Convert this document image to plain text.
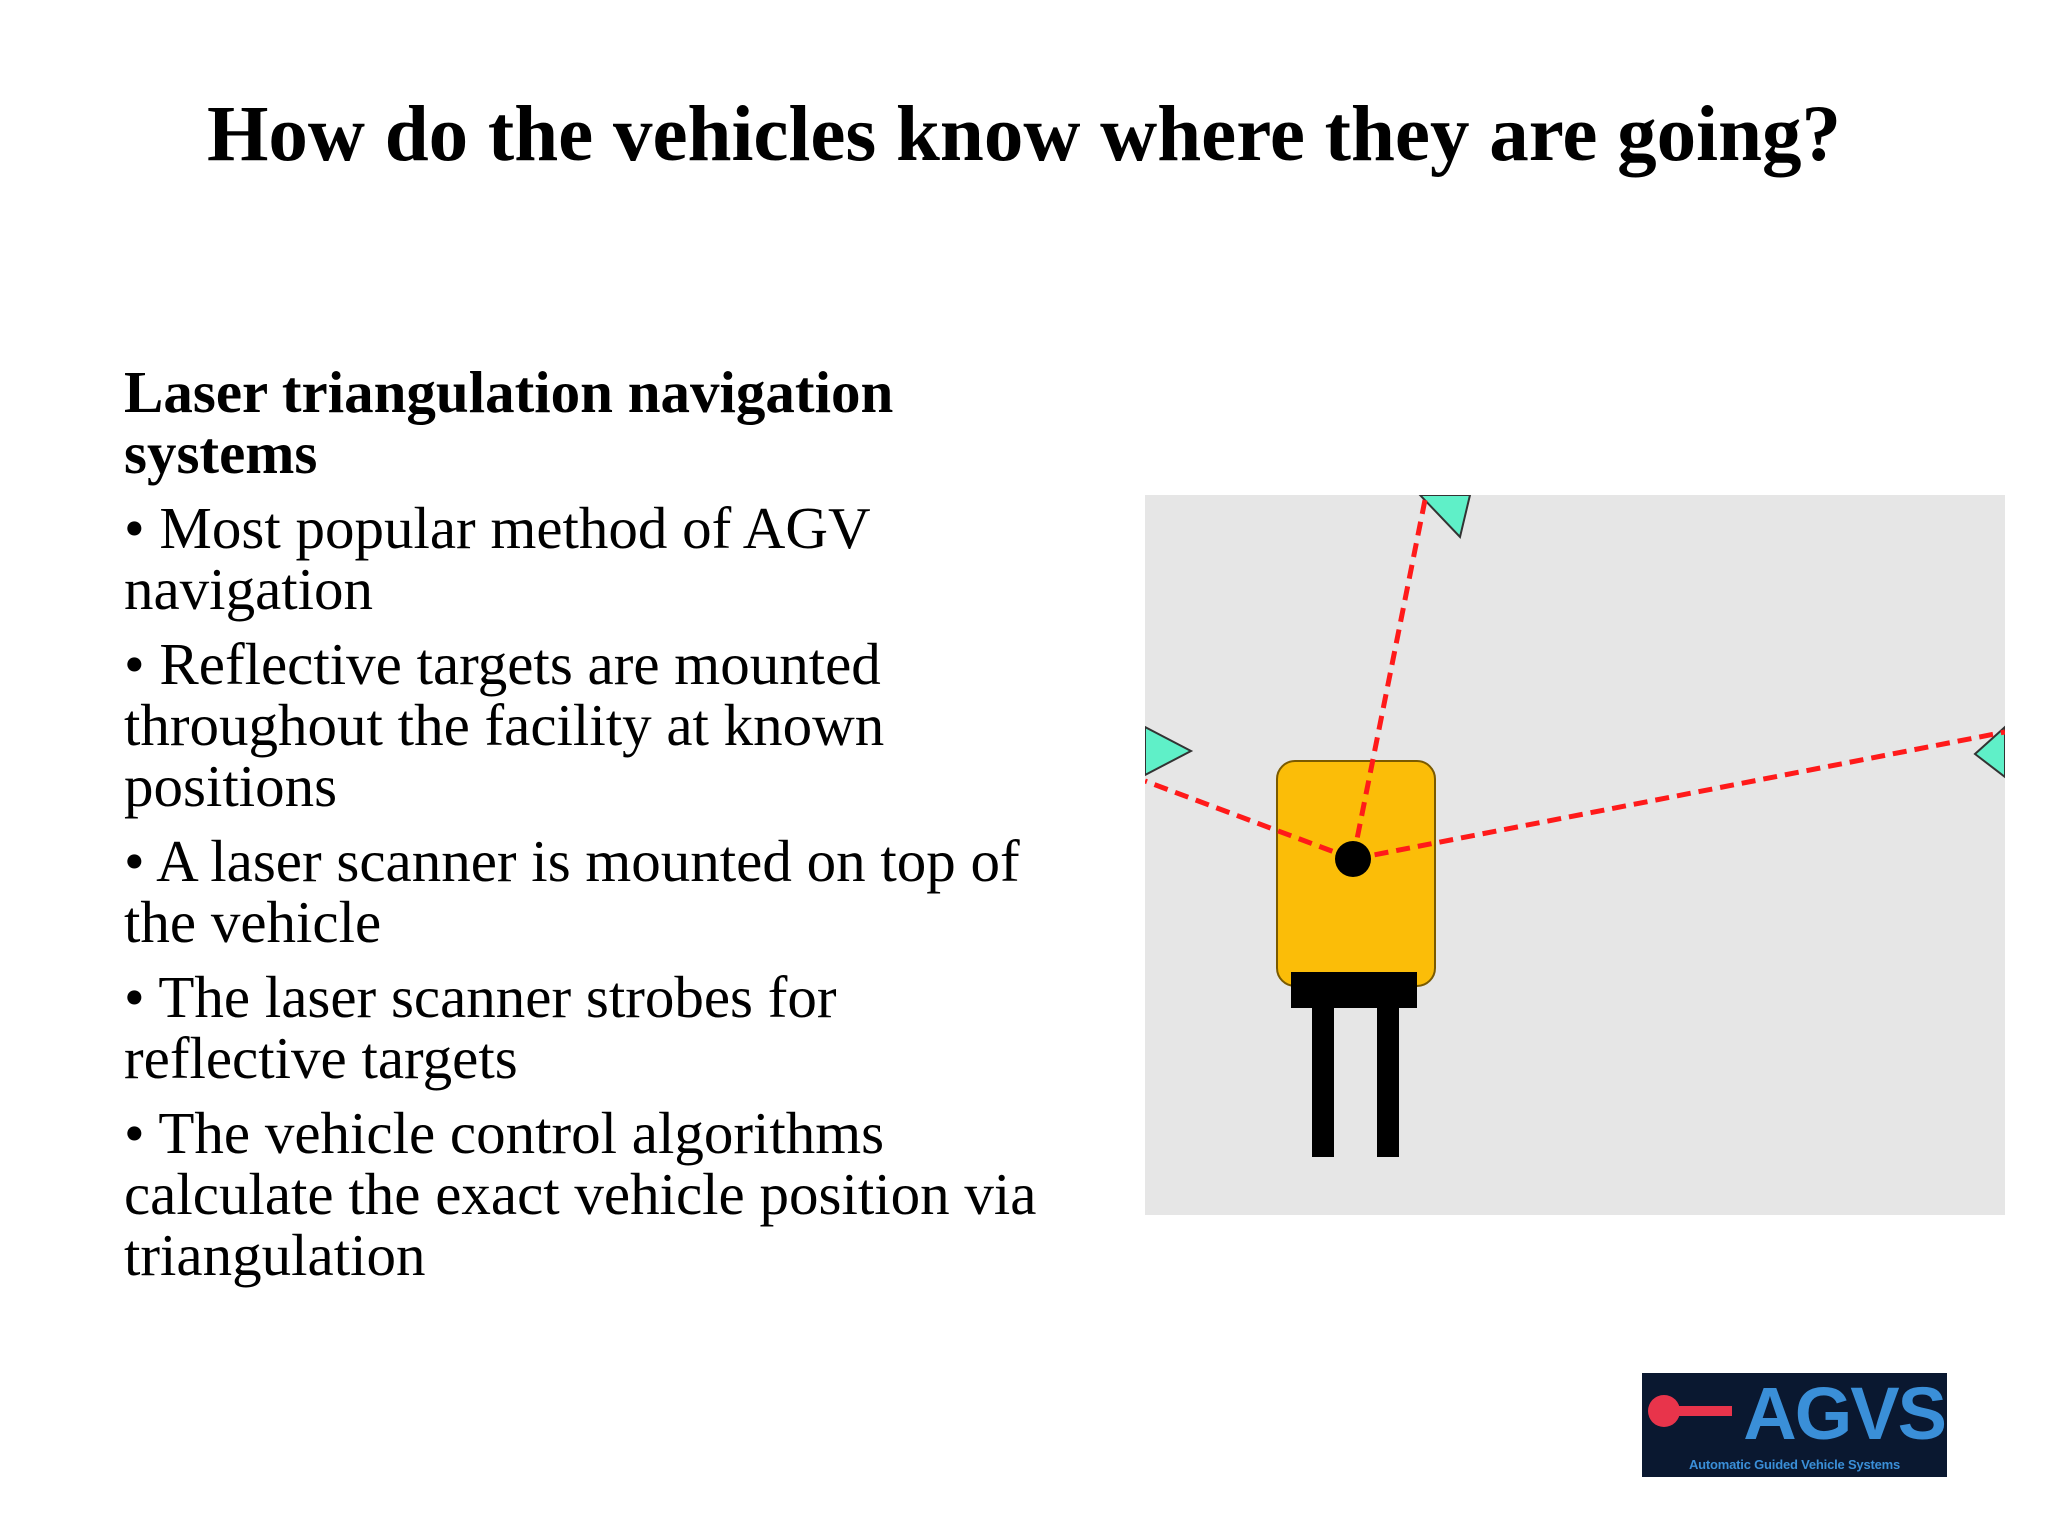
How do the vehicles know where they are going?

Laser triangulation navigation systems

• Most popular method of AGV navigation
• Reflective targets are mounted throughout the facility at known positions
• A laser scanner is mounted on top of the vehicle
• The laser scanner strobes for reflective targets
• The vehicle control algorithms calculate the exact vehicle position via triangulation
AGVS
Automatic Guided Vehicle Systems
